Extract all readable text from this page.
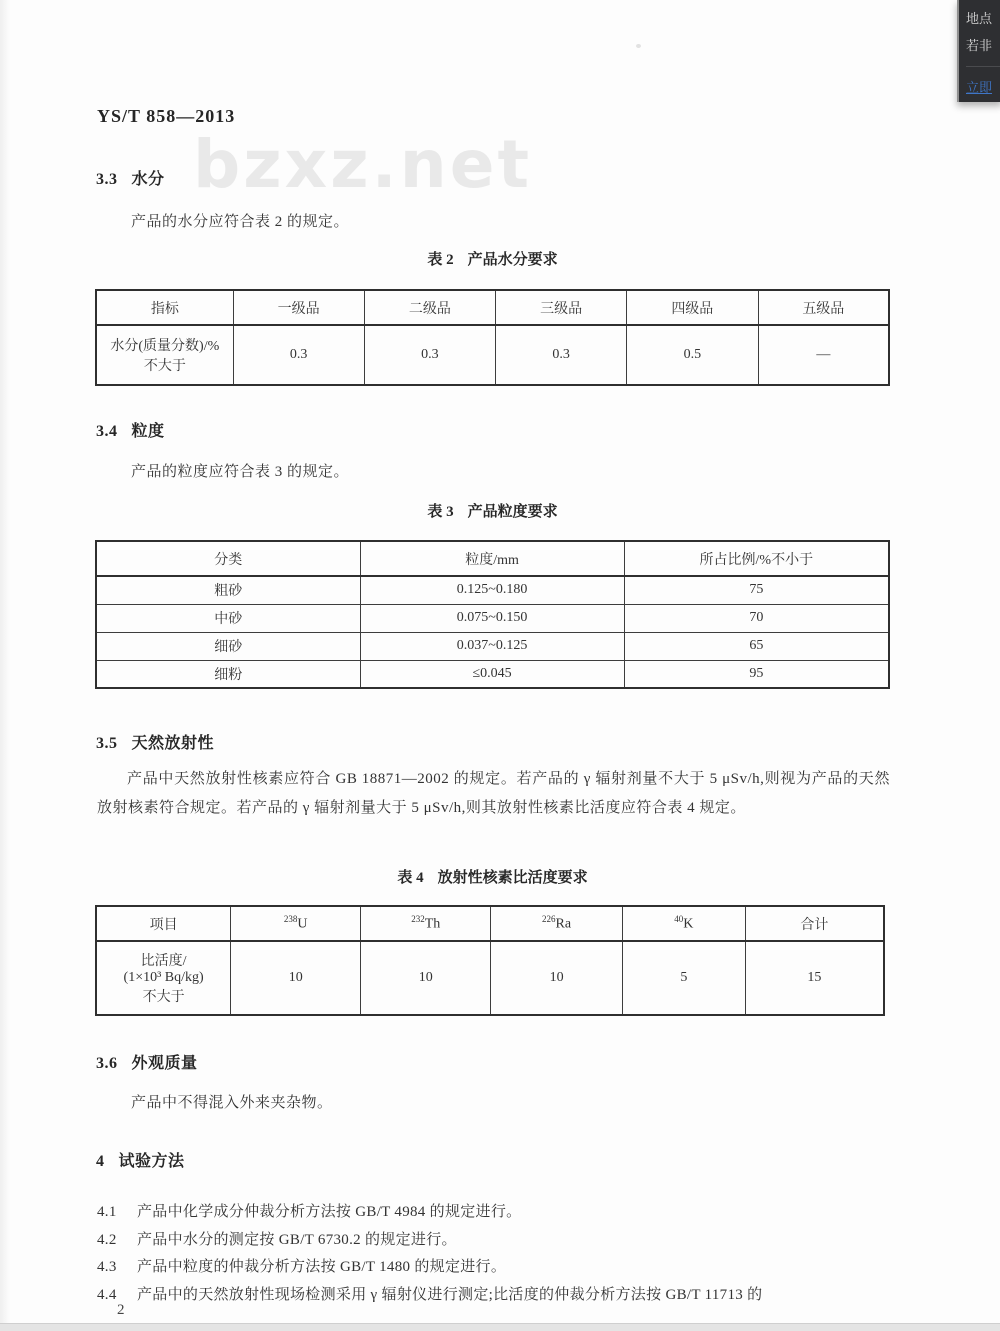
bzxz.net
YS/T 858—2013
3.3 水分
产品的水分应符合表 2 的规定。
表 2 产品水分要求
指标	一级品	二级品	三级品	四级品	五级品

水分(质量分数)/%
不大于	0.3	0.3	0.3	0.5	—
3.4 粒度
产品的粒度应符合表 3 的规定。
表 3 产品粒度要求
分类	粒度/mm	所占比例/%不小于
粗砂	0.125~0.180	75
中砂	0.075~0.150	70
细砂	0.037~0.125	65
细粉	≤0.045	95
3.5 天然放射性
产品中天然放射性核素应符合 GB 18871—2002 的规定。若产品的 γ 辐射剂量不大于 5 μSv/h,则视为产品的天然放射核素符合规定。若产品的 γ 辐射剂量大于 5 μSv/h,则其放射性核素比活度应符合表 4 规定。
表 4 放射性核素比活度要求
项目	$^{238}$U	$^{232}$Th	$^{226}$Ra	$^{40}$K	合计

比活度/
(1×10³ Bq/kg)
不大于	10	10	10	5	15
3.6 外观质量
产品中不得混入外来夹杂物。
4 试验方法
4.1 产品中化学成分仲裁分析方法按 GB/T 4984 的规定进行。
4.2 产品中水分的测定按 GB/T 6730.2 的规定进行。
4.3 产品中粒度的仲裁分析方法按 GB/T 1480 的规定进行。
4.4 产品中的天然放射性现场检测采用 γ 辐射仪进行测定;比活度的仲裁分析方法按 GB/T 11713 的
2
地点
若非
立即
